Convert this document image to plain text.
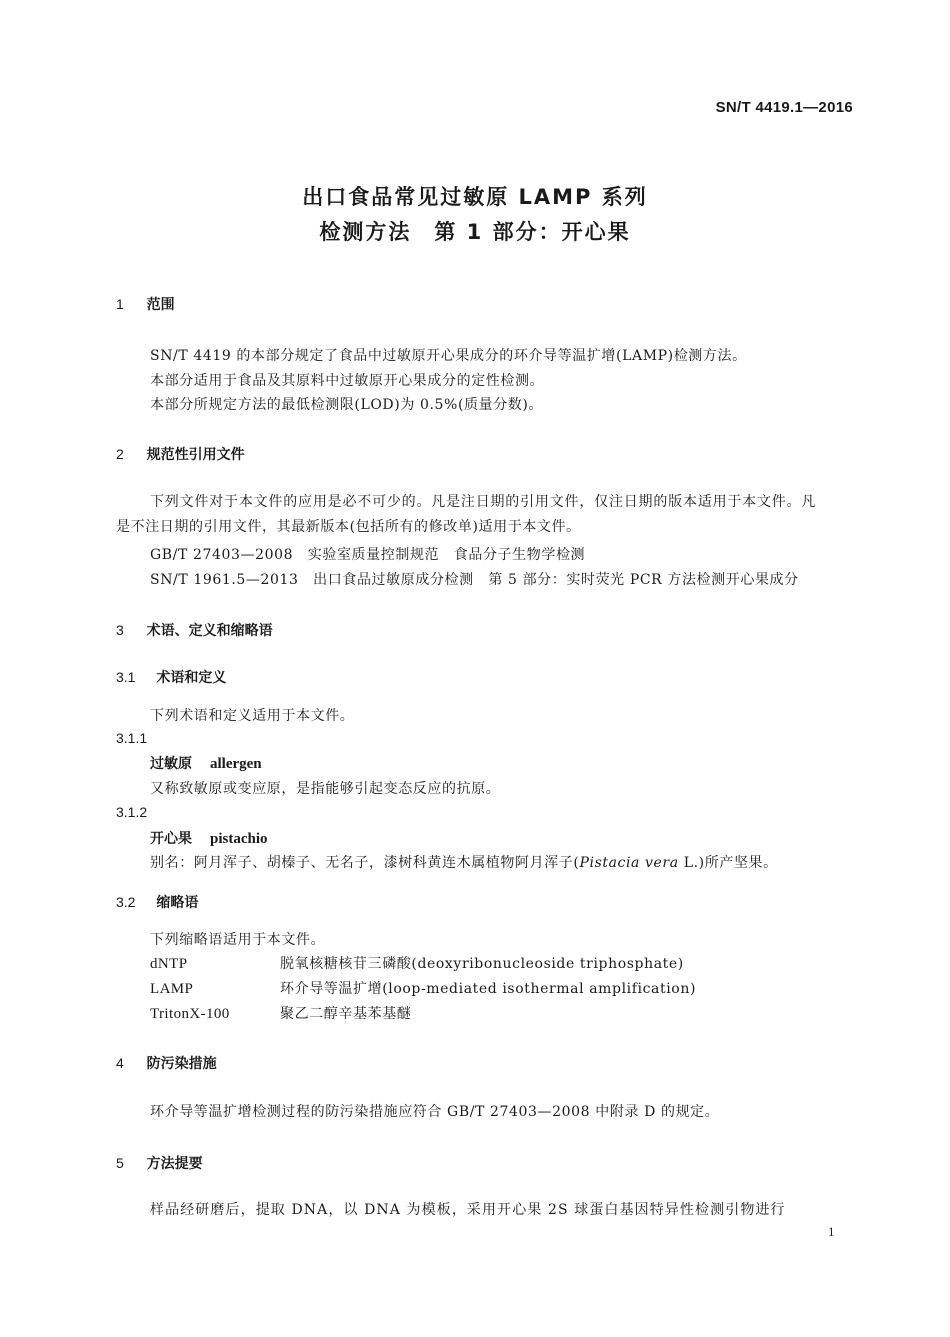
SN/T 4419.1—2016
出口食品常见过敏原 LAMP 系列
检测方法　第 1 部分：开心果
1 范围
SN/T 4419 的本部分规定了食品中过敏原开心果成分的环介导等温扩增(LAMP)检测方法。
本部分适用于食品及其原料中过敏原开心果成分的定性检测。
本部分所规定方法的最低检测限(LOD)为 0.5%(质量分数)。
2 规范性引用文件
下列文件对于本文件的应用是必不可少的。凡是注日期的引用文件，仅注日期的版本适用于本文件。凡是不注日期的引用文件，其最新版本(包括所有的修改单)适用于本文件。
GB/T 27403—2008　实验室质量控制规范　食品分子生物学检测
SN/T 1961.5—2013　出口食品过敏原成分检测　第 5 部分：实时荧光 PCR 方法检测开心果成分
3 术语、定义和缩略语
3.1 术语和定义
下列术语和定义适用于本文件。
3.1.1
过敏原 allergen
又称致敏原或变应原，是指能够引起变态反应的抗原。
3.1.2
开心果 pistachio
别名：阿月浑子、胡榛子、无名子，漆树科黄连木属植物阿月浑子(Pistacia vera L.)所产坚果。
3.2 缩略语
下列缩略语适用于本文件。
dNTP	脱氧核糖核苷三磷酸(deoxyribonucleoside triphosphate)
LAMP	环介导等温扩增(loop-mediated isothermal amplification)
TritonX-100	聚乙二醇辛基苯基醚
4 防污染措施
环介导等温扩增检测过程的防污染措施应符合 GB/T 27403—2008 中附录 D 的规定。
5 方法提要
样品经研磨后，提取 DNA，以 DNA 为模板，采用开心果 2S 球蛋白基因特异性检测引物进行
1
